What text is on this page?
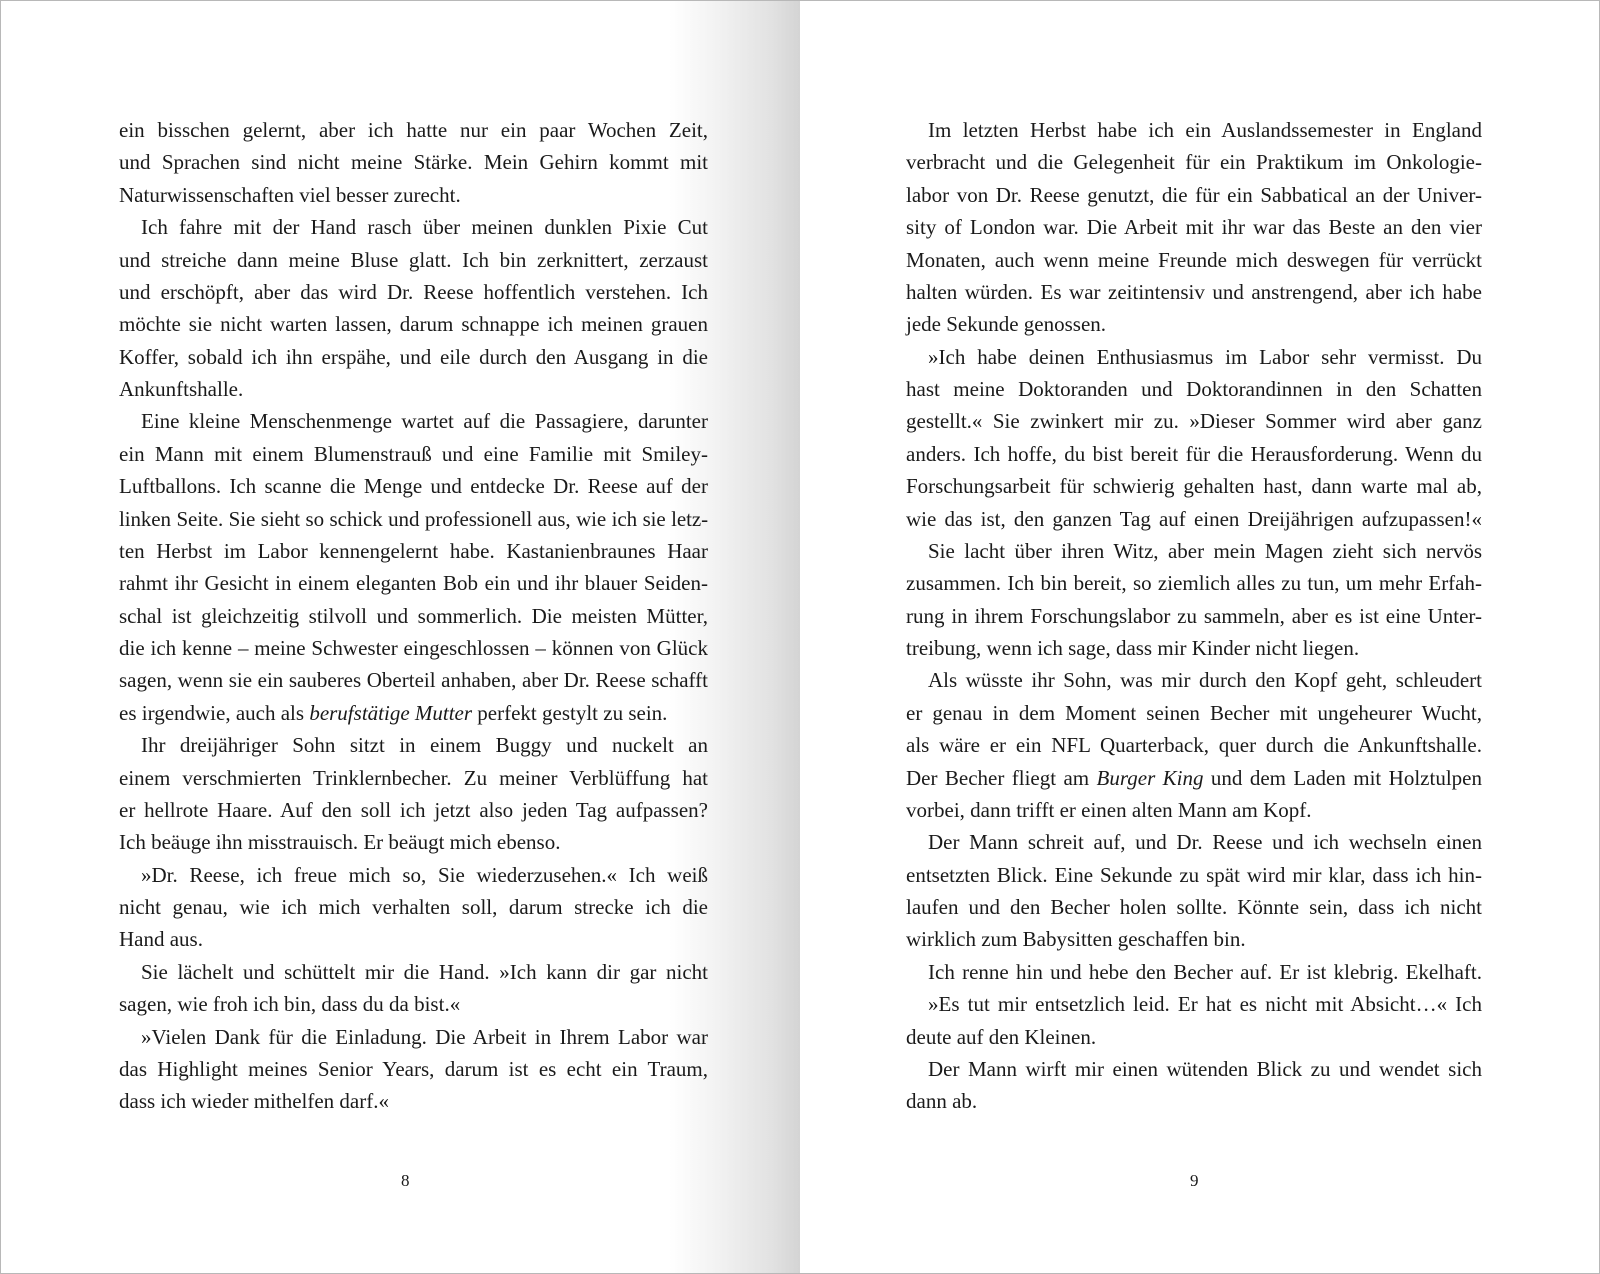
ein bisschen gelernt, aber ich hatte nur ein paar Wochen Zeit,
und Sprachen sind nicht meine Stärke. Mein Gehirn kommt mit
Naturwissenschaften viel besser zurecht.
Ich fahre mit der Hand rasch über meinen dunklen Pixie Cut
und streiche dann meine Bluse glatt. Ich bin zerknittert, zerzaust
und erschöpft, aber das wird Dr. Reese hoffentlich verstehen. Ich
möchte sie nicht warten lassen, darum schnappe ich meinen grauen
Koffer, sobald ich ihn erspähe, und eile durch den Ausgang in die
Ankunftshalle.
Eine kleine Menschenmenge wartet auf die Passagiere, darunter
ein Mann mit einem Blumenstrauß und eine Familie mit Smiley-
Luftballons. Ich scanne die Menge und entdecke Dr. Reese auf der
linken Seite. Sie sieht so schick und professionell aus, wie ich sie letz-
ten Herbst im Labor kennengelernt habe. Kastanienbraunes Haar
rahmt ihr Gesicht in einem eleganten Bob ein und ihr blauer Seiden-
schal ist gleichzeitig stilvoll und sommerlich. Die meisten Mütter,
die ich kenne – meine Schwester eingeschlossen – können von Glück
sagen, wenn sie ein sauberes Oberteil anhaben, aber Dr. Reese schafft
es irgendwie, auch als berufstätige Mutter perfekt gestylt zu sein.
Ihr dreijähriger Sohn sitzt in einem Buggy und nuckelt an
einem verschmierten Trinklernbecher. Zu meiner Verblüffung hat
er hellrote Haare. Auf den soll ich jetzt also jeden Tag aufpassen?
Ich beäuge ihn misstrauisch. Er beäugt mich ebenso.
»Dr. Reese, ich freue mich so, Sie wiederzusehen.« Ich weiß
nicht genau, wie ich mich verhalten soll, darum strecke ich die
Hand aus.
Sie lächelt und schüttelt mir die Hand. »Ich kann dir gar nicht
sagen, wie froh ich bin, dass du da bist.«
»Vielen Dank für die Einladung. Die Arbeit in Ihrem Labor war
das Highlight meines Senior Years, darum ist es echt ein Traum,
dass ich wieder mithelfen darf.«
8
Im letzten Herbst habe ich ein Auslandssemester in England
verbracht und die Gelegenheit für ein Praktikum im Onkologie-
labor von Dr. Reese genutzt, die für ein Sabbatical an der Univer-
sity of London war. Die Arbeit mit ihr war das Beste an den vier
Monaten, auch wenn meine Freunde mich deswegen für verrückt
halten würden. Es war zeitintensiv und anstrengend, aber ich habe
jede Sekunde genossen.
»Ich habe deinen Enthusiasmus im Labor sehr vermisst. Du
hast meine Doktoranden und Doktorandinnen in den Schatten
gestellt.« Sie zwinkert mir zu. »Dieser Sommer wird aber ganz
anders. Ich hoffe, du bist bereit für die Herausforderung. Wenn du
Forschungsarbeit für schwierig gehalten hast, dann warte mal ab,
wie das ist, den ganzen Tag auf einen Dreijährigen aufzupassen!«
Sie lacht über ihren Witz, aber mein Magen zieht sich nervös
zusammen. Ich bin bereit, so ziemlich alles zu tun, um mehr Erfah-
rung in ihrem Forschungslabor zu sammeln, aber es ist eine Unter-
treibung, wenn ich sage, dass mir Kinder nicht liegen.
Als wüsste ihr Sohn, was mir durch den Kopf geht, schleudert
er genau in dem Moment seinen Becher mit ungeheurer Wucht,
als wäre er ein NFL Quarterback, quer durch die Ankunftshalle.
Der Becher fliegt am Burger King und dem Laden mit Holztulpen
vorbei, dann trifft er einen alten Mann am Kopf.
Der Mann schreit auf, und Dr. Reese und ich wechseln einen
entsetzten Blick. Eine Sekunde zu spät wird mir klar, dass ich hin-
laufen und den Becher holen sollte. Könnte sein, dass ich nicht
wirklich zum Babysitten geschaffen bin.
Ich renne hin und hebe den Becher auf. Er ist klebrig. Ekelhaft.
»Es tut mir entsetzlich leid. Er hat es nicht mit Absicht…« Ich
deute auf den Kleinen.
Der Mann wirft mir einen wütenden Blick zu und wendet sich
dann ab.
9
